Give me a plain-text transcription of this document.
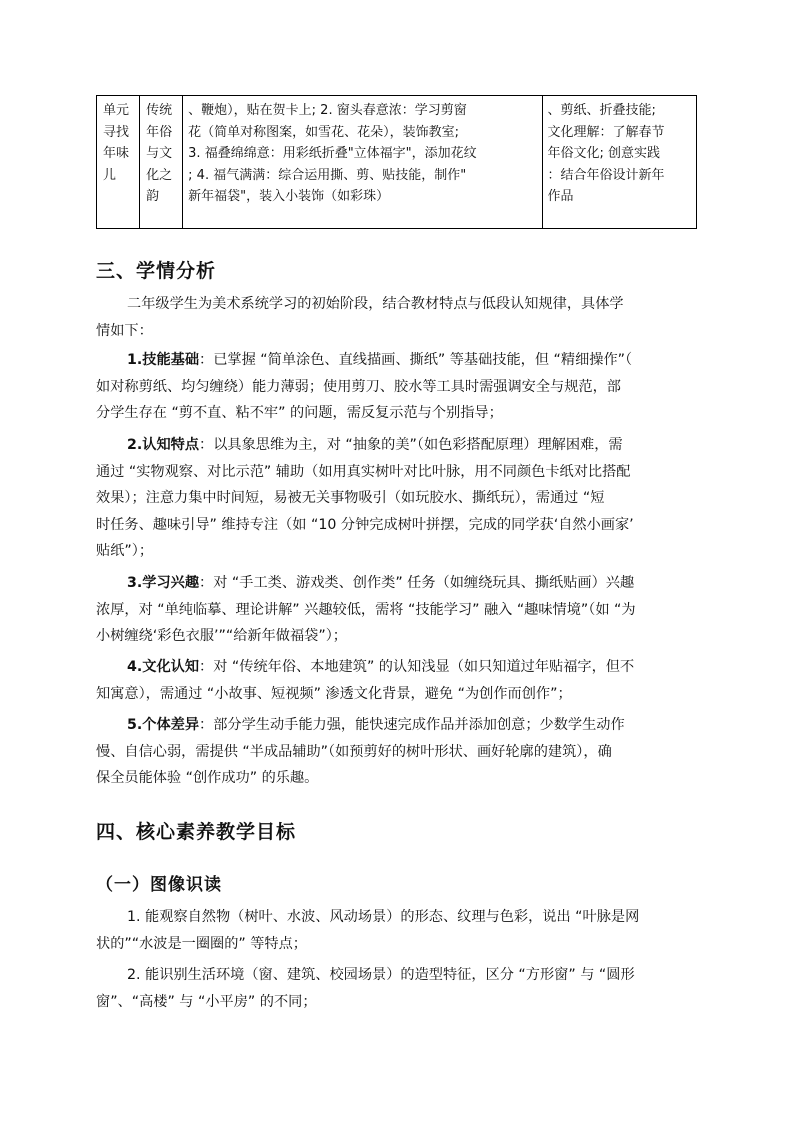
单元
寻找
年味
儿

传统
年俗
与文
化之
韵

、鞭炮），贴在贺卡上; 2. 窗头春意浓：学习剪窗
花（简单对称图案，如雪花、花朵），装饰教室;
3. 福叠绵绵意：用彩纸折叠"立体福字"，添加花纹
; 4. 福气满满：综合运用撕、剪、贴技能，制作"
新年福袋"，装入小装饰（如彩珠）

、剪纸、折叠技能;
文化理解：了解春节
年俗文化; 创意实践
：结合年俗设计新年
作品
三、学情分析
二年级学生为美术系统学习的初始阶段，结合教材特点与低段认知规律，具体学
情如下：
1.技能基础：已掌握 “简单涂色、直线描画、撕纸” 等基础技能，但 “精细操作”（
如对称剪纸、均匀缠绕）能力薄弱；使用剪刀、胶水等工具时需强调安全与规范，部
分学生存在 “剪不直、粘不牢” 的问题，需反复示范与个别指导；
2.认知特点：以具象思维为主，对 “抽象的美”（如色彩搭配原理）理解困难，需
通过 “实物观察、对比示范” 辅助（如用真实树叶对比叶脉，用不同颜色卡纸对比搭配
效果）；注意力集中时间短，易被无关事物吸引（如玩胶水、撕纸玩），需通过 “短
时任务、趣味引导” 维持专注（如 “10 分钟完成树叶拼摆，完成的同学获‘自然小画家’
贴纸”）；
3.学习兴趣：对 “手工类、游戏类、创作类” 任务（如缠绕玩具、撕纸贴画）兴趣
浓厚，对 “单纯临摹、理论讲解” 兴趣较低，需将 “技能学习” 融入 “趣味情境”（如 “为
小树缠绕‘彩色衣服’”“给新年做福袋”）；
4.文化认知：对 “传统年俗、本地建筑” 的认知浅显（如只知道过年贴福字，但不
知寓意），需通过 “小故事、短视频” 渗透文化背景，避免 “为创作而创作”；
5.个体差异：部分学生动手能力强，能快速完成作品并添加创意；少数学生动作
慢、自信心弱，需提供 “半成品辅助”（如预剪好的树叶形状、画好轮廓的建筑），确
保全员能体验 “创作成功” 的乐趣。
四、核心素养教学目标
（一）图像识读
1. 能观察自然物（树叶、水波、风动场景）的形态、纹理与色彩，说出 “叶脉是网
状的”“水波是一圈圈的” 等特点；
2. 能识别生活环境（窗、建筑、校园场景）的造型特征，区分 “方形窗” 与 “圆形
窗”、“高楼” 与 “小平房” 的不同；
